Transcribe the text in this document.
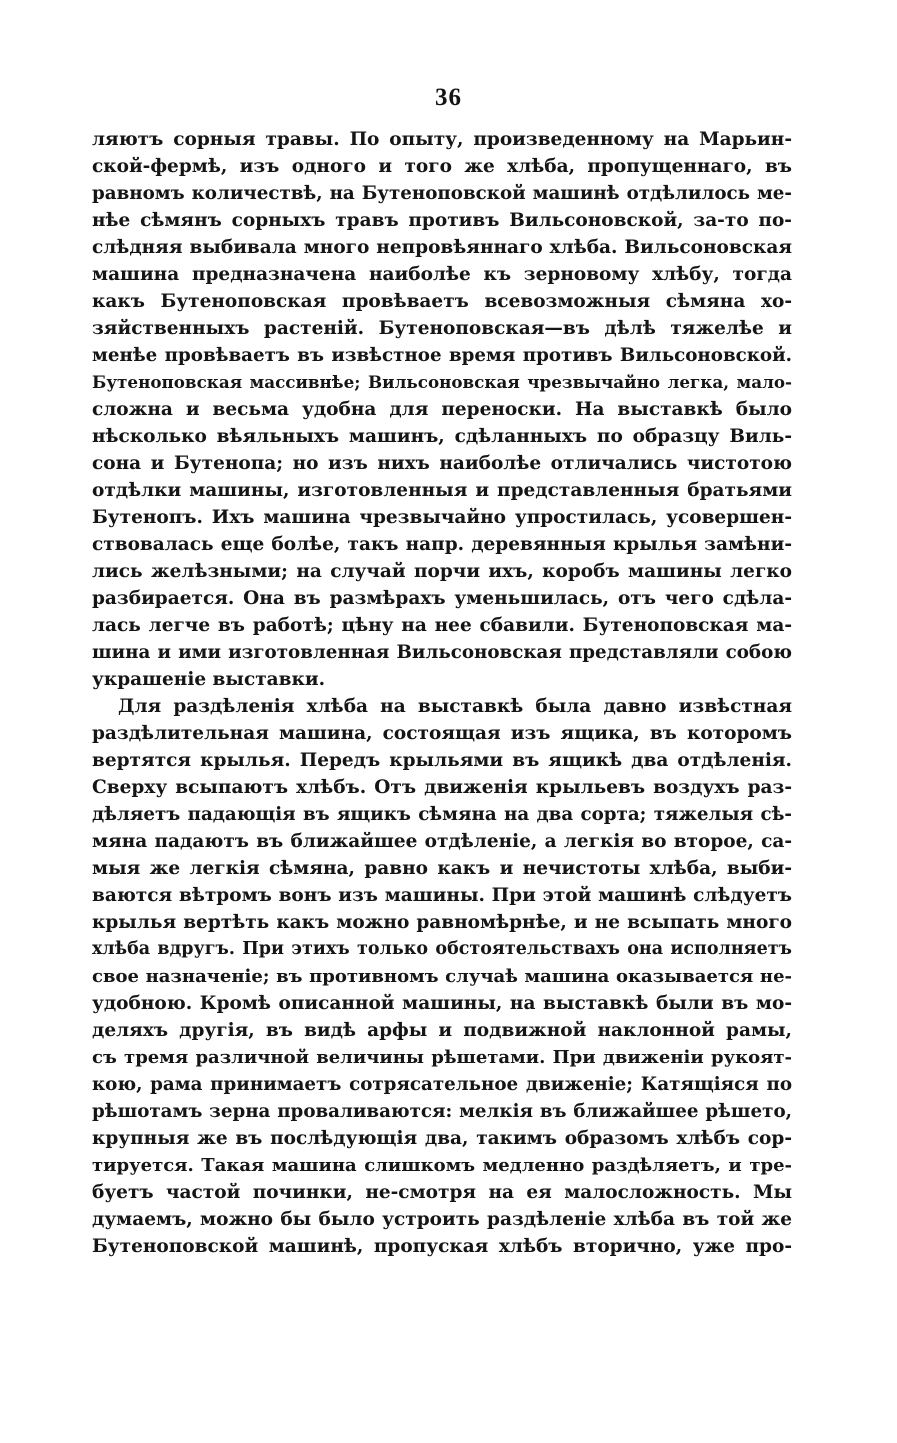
36
ляютъ сорныя травы. По опыту, произведенному на Марьин-
ской-фермѣ, изъ одного и того же хлѣба, пропущеннаго, въ
равномъ количествѣ, на Бутеноповской машинѣ отдѣлилось мe-
нѣе сѣмянъ сорныхъ травъ противъ Вильсоновской, за-то по-
слѣдняя выбивала много непровѣяннаго хлѣба. Вильсоновская
машина предназначена наиболѣе къ зерновому хлѣбу, тогда
какъ Бутеноповская провѣваетъ всевозможныя сѣмяна хо-
зяйственныхъ растеній. Бутеноповская—въ дѣлѣ тяжелѣе и
менѣе провѣваетъ въ извѣстное время противъ Вильсоновской.
Бутеноповская массивнѣе; Вильсоновская чрезвычайно легка, мало-
сложна и весьма удобна для переноски. На выставкѣ было
нѣсколько вѣяльныхъ машинъ, сдѣланныхъ по образцу Виль-
сона и Бутенопа; но изъ нихъ наиболѣе отличались чистотою
отдѣлки машины, изготовленныя и представленныя братьями
Бутенопъ. Ихъ машина чрезвычайно упростилась, усовершен-
ствовалась еще болѣе, такъ напр. деревянныя крылья замѣни-
лись желѣзными; на случай порчи ихъ, коробъ машины легко
разбирается. Она въ размѣрахъ уменьшилась, отъ чего сдѣла-
лась легче въ работѣ; цѣну на нее сбавили. Бутеноповская ма-
шина и ими изготовленная Вильсоновская представляли собою
украшеніе выставки.
Для раздѣленія хлѣба на выставкѣ была давно извѣстная
раздѣлительная машина, состоящая изъ ящика, въ которомъ
вертятся крылья. Передъ крыльями въ ящикѣ два отдѣленія.
Сверху всыпаютъ хлѣбъ. Отъ движенія крыльевъ воздухъ раз-
дѣляетъ падающія въ ящикъ сѣмяна на два сорта; тяжелыя сѣ-
мяна падаютъ въ ближайшее отдѣленіе, а легкія во второе, са-
мыя же легкія сѣмяна, равно какъ и нечистоты хлѣба, выби-
ваются вѣтромъ вонъ изъ машины. При этой машинѣ слѣдуетъ
крылья вертѣть какъ можно равномѣрнѣе, и не всыпать много
хлѣба вдругъ. При этихъ только обстоятельствахъ она исполняетъ
свое назначеніе; въ противномъ случаѣ машина оказывается не-
удобною. Кромѣ описанной машины, на выставкѣ были въ мо-
деляхъ другія, въ видѣ арфы и подвижной наклонной рамы,
съ тремя различной величины рѣшетами. При движеніи рукоят-
кою, рама принимаетъ сотрясательное движеніе; Катящіяся по
рѣшотамъ зерна проваливаются: мелкія въ ближайшее рѣшето,
крупныя же въ послѣдующія два, такимъ образомъ хлѣбъ сор-
тируется. Такая машина слишкомъ медленно раздѣляетъ, и тре-
буетъ частой починки, не-смотря на ея малосложность. Мы
думаемъ, можно бы было устроить раздѣленіе хлѣба въ той же
Бутеноповской машинѣ, пропуская хлѣбъ вторично, уже про-
